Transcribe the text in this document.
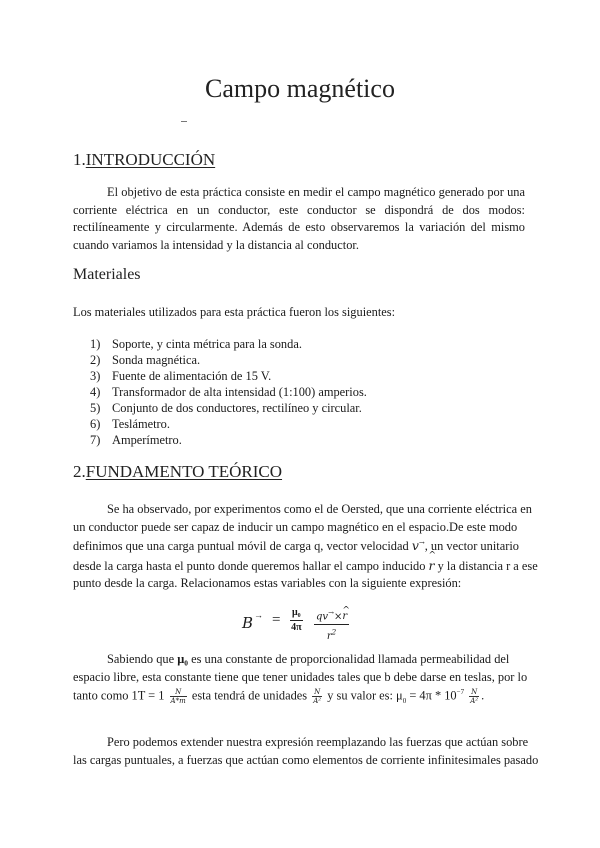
Campo magnético
1.INTRODUCCIÓN

El objetivo de esta práctica consiste en medir el campo magnético generado por una corriente eléctrica en un conductor, este conductor se dispondrá de dos modos: rectilíneamente y circularmente. Además de esto observaremos la variación del mismo cuando variamos la intensidad y la distancia al conductor.

Materiales

Los materiales utilizados para esta práctica fueron los siguientes:

1) Soporte, y cinta métrica para la sonda.
2) Sonda magnética.
3) Fuente de alimentación de 15 V.
4) Transformador de alta intensidad (1:100) amperios.
5) Conjunto de dos conductores, rectilíneo y circular.
6) Teslámetro.
7) Amperímetro.
2.FUNDAMENTO TEÓRICO

Se ha observado, por experimentos como el de Oersted, que una corriente eléctrica en

un conductor puede ser capaz de inducir un campo magnético en el espacio.De este modo

definimos que una carga puntual móvil de carga q, vector velocidad v→, un vector unitario

desde la carga hasta el punto donde queremos hallar el campo inducido ^ r y la distancia r a ese

punto desde la carga. Relacionamos estas variables con la siguiente expresión:

B → = $\frac{\text{μ₀}}{4\pi} \frac{qv^\to\times\^{} r}{r^2}$

Sabiendo que μ₀ es una constante de proporcionalidad llamada permeabilidad del

espacio libre, esta constante tiene que tener unidades tales que b debe darse en teslas, por lo

tanto como $1T = 1 \frac{N}{A*m}$ esta tendrá de unidades $\frac{N}{\text{A²}}$ y su valor es: $\mu_0 = 4\pi * 10^{-7} \frac{N}{\text{A²}}$ .

Pero podemos extender nuestra expresión reemplazando las fuerzas que actúan sobre

las cargas puntuales, a fuerzas que actúan como elementos de corriente infinitesimales pasado
